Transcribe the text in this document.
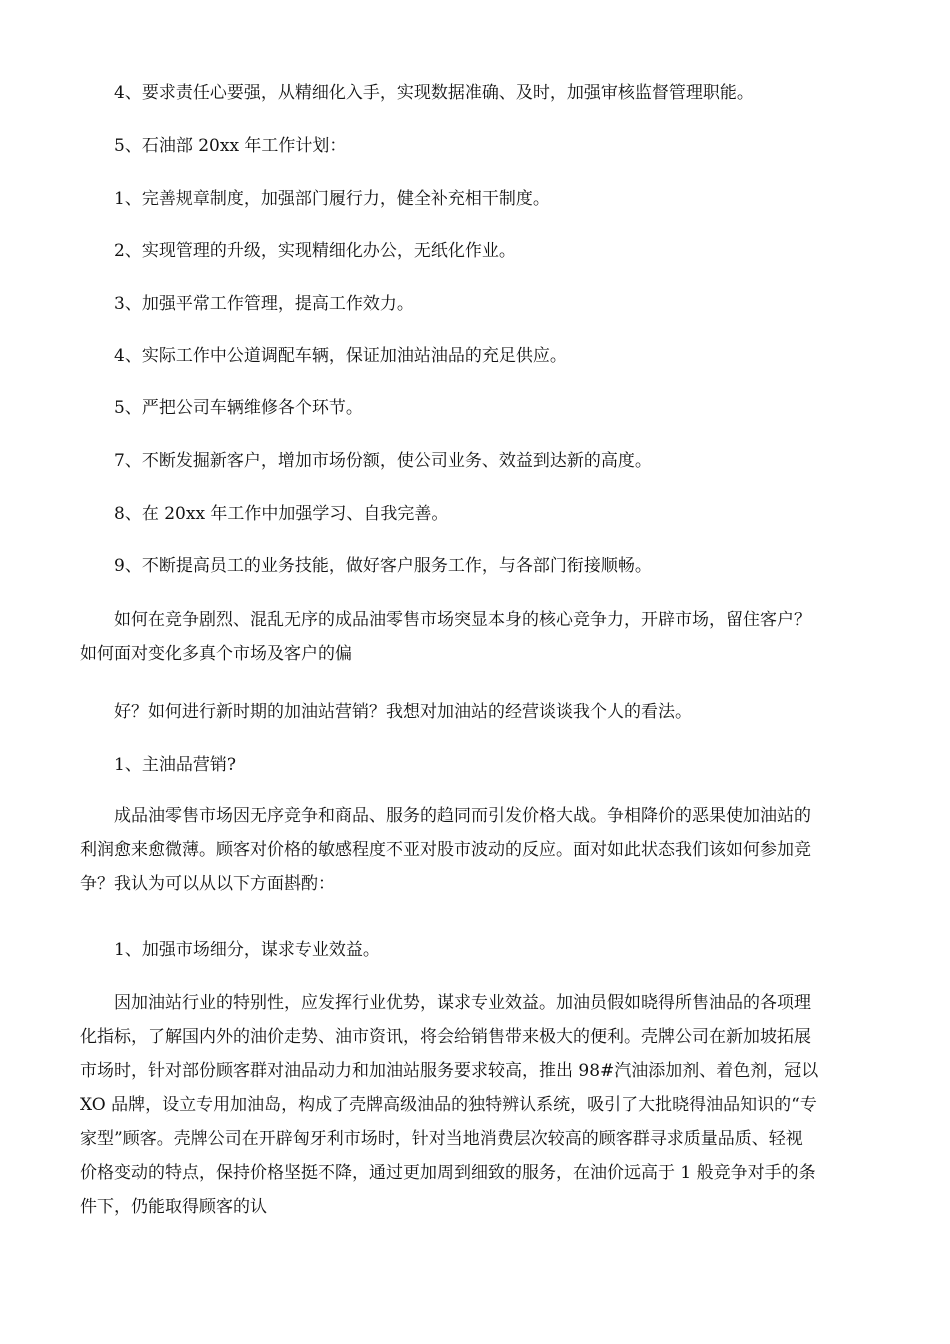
　　4、要求责任心要强，从精细化入手，实现数据准确、及时，加强审核监督管理职能。
　　5、石油部 20xx 年工作计划：
　　1、完善规章制度，加强部门履行力，健全补充相干制度。
　　2、实现管理的升级，实现精细化办公，无纸化作业。
　　3、加强平常工作管理，提高工作效力。
　　4、实际工作中公道调配车辆，保证加油站油品的充足供应。
　　5、严把公司车辆维修各个环节。
　　7、不断发掘新客户，增加市场份额，使公司业务、效益到达新的高度。
　　8、在 20xx 年工作中加强学习、自我完善。
　　9、不断提高员工的业务技能，做好客户服务工作，与各部门衔接顺畅。
　　如何在竞争剧烈、混乱无序的成品油零售市场突显本身的核心竞争力，开辟市场，留住客户？
如何面对变化多真个市场及客户的偏
　　好？如何进行新时期的加油站营销？我想对加油站的经营谈谈我个人的看法。
　　1、主油品营销?
　　成品油零售市场因无序竞争和商品、服务的趋同而引发价格大战。争相降价的恶果使加油站的
利润愈来愈微薄。顾客对价格的敏感程度不亚对股市波动的反应。面对如此状态我们该如何参加竞
争？我认为可以从以下方面斟酌：
　　1、加强市场细分，谋求专业效益。
　　因加油站行业的特别性，应发挥行业优势，谋求专业效益。加油员假如晓得所售油品的各项理
化指标，了解国内外的油价走势、油市资讯，将会给销售带来极大的便利。壳牌公司在新加坡拓展
市场时，针对部份顾客群对油品动力和加油站服务要求较高，推出 98#汽油添加剂、着色剂，冠以
XO 品牌，设立专用加油岛，构成了壳牌高级油品的独特辨认系统，吸引了大批晓得油品知识的“专
家型”顾客。壳牌公司在开辟匈牙利市场时，针对当地消费层次较高的顾客群寻求质量品质、轻视
价格变动的特点，保持价格坚挺不降，通过更加周到细致的服务，在油价远高于 1 般竞争对手的条
件下，仍能取得顾客的认
